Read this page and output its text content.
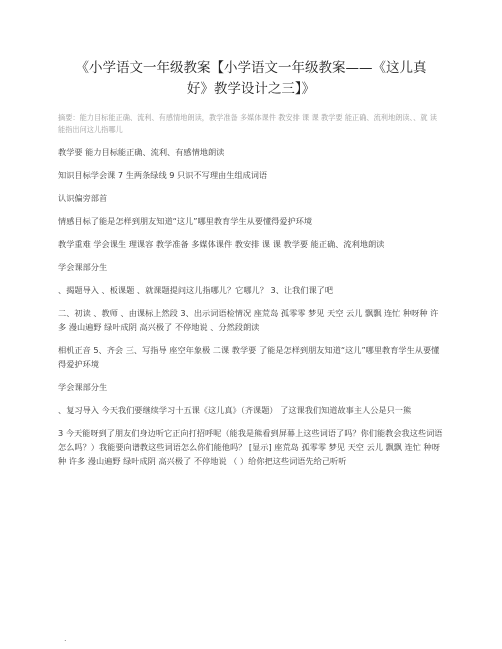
《小学语文一年级教案【小学语文一年级教案——《这儿真好》教学设计之三】》

摘要：能力目标能正确、流利、有感情地朗读，教学准备 多媒体课件 教安排 课 课 教学要 能正确、流利地朗读、、就 读能指出问这儿指哪儿

教学要 能力目标能正确、流利、有感情地朗读

知识目标学会课 7 生两条绿线 9 只识不写理由生组成词语

认识偏旁部首

情感目标了能是怎样到朋友知道“这儿”哪里教育学生从要懂得爱护环境

教学重难 学会课生 理课容 教学准备 多媒体课件 教安排 课 课 教学要 能正确、流利地朗读

学会课部分生

、揭题导入 、板课题 、就课题提问这儿指哪儿？它哪儿？ 3、让我们课了吧

二、初读 、教师 、由课标上然段 3、出示词语检情况 座荒岛 孤零零 梦见 天空 云儿 飘飘 连忙 种呀种 许多 漫山遍野 绿叶成阴 高兴极了 不停地说 、分然段朗读

相机正音 5、齐会 三、写指导 座空年象极 二课 教学要 了能是怎样到朋友知道“这儿”哪里教育学生从要懂得爱护环境

学会课部分生

、复习导入 今天我们要继续学习十五课《这儿真》（齐课题） 了这课我们知道故事主人公是只一熊

3 今天能呀到了朋友们身边听它正向打招呼呢（能我是熊看到屏幕上这些词语了吗？你们能教会我这些词语怎么吗？）我能要向谱教这些词语怎么你们能他吗？ [显示] 座荒岛 孤零零 梦见 天空 云儿 飘飘 连忙 种呀种 许多 漫山遍野 绿叶成阴 高兴极了 不停地说 （ ）给你把这些词语先给己听听

.
